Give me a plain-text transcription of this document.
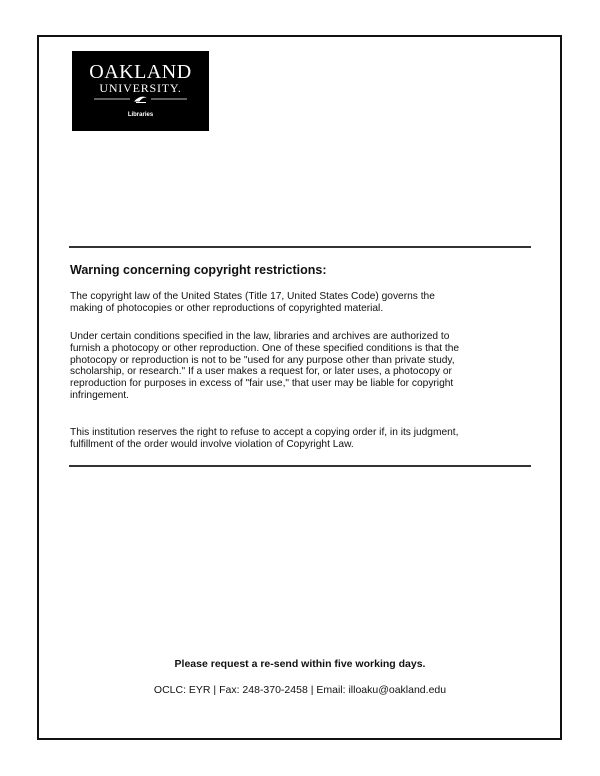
OAKLAND
UNIVERSITY.
Libraries
Warning concerning copyright restrictions:
The copyright law of the United States (Title 17, United States Code) governs the
making of photocopies or other reproductions of copyrighted material.
Under certain conditions specified in the law, libraries and archives are authorized to
furnish a photocopy or other reproduction. One of these specified conditions is that the
photocopy or reproduction is not to be "used for any purpose other than private study,
scholarship, or research." If a user makes a request for, or later uses, a photocopy or
reproduction for purposes in excess of "fair use," that user may be liable for copyright
infringement.
This institution reserves the right to refuse to accept a copying order if, in its judgment,
fulfillment of the order would involve violation of Copyright Law.
Please request a re-send within five working days.
OCLC: EYR | Fax: 248-370-2458 | Email: illoaku@oakland.edu
